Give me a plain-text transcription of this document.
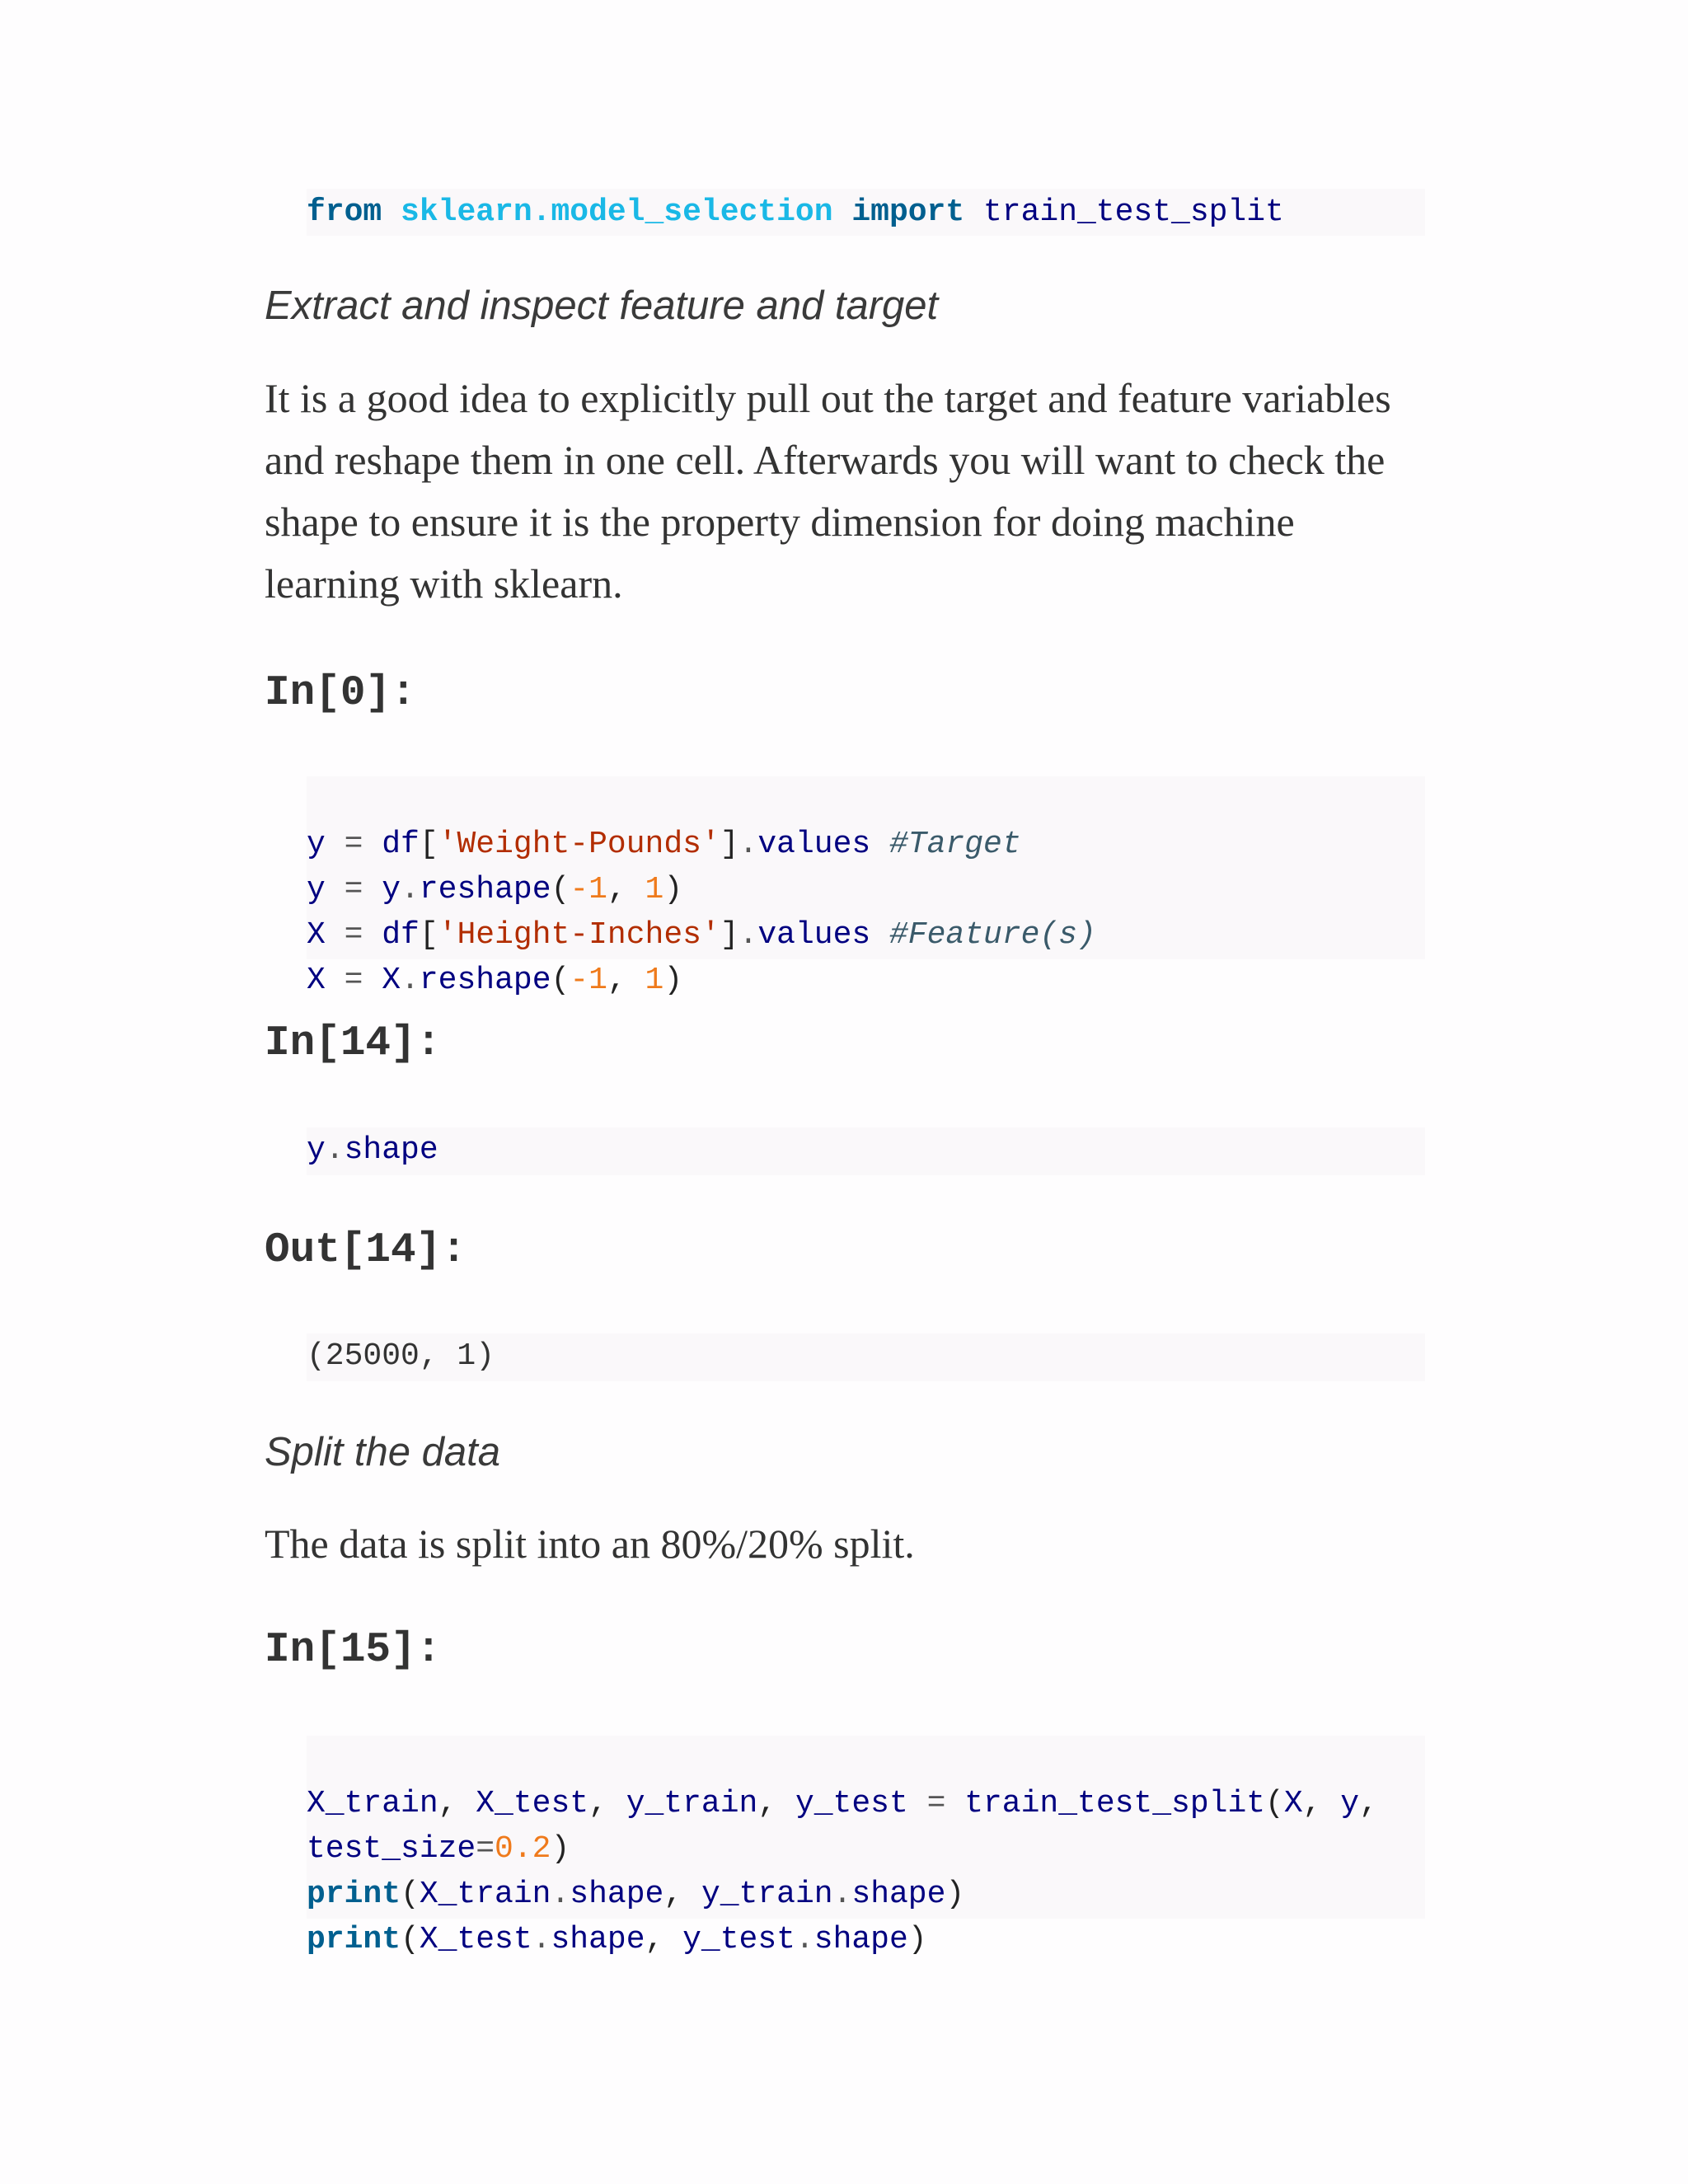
from sklearn.model_selection import train_test_split
Extract and inspect feature and target
It is a good idea to explicitly pull out the target and feature variables and reshape them in one cell. Afterwards you will want to check the shape to ensure it is the property dimension for doing machine learning with sklearn.
In[0]:

y = df['Weight-Pounds'].values #Target
y = y.reshape(-1, 1)
X = df['Height-Inches'].values #Feature(s)
X = X.reshape(-1, 1)
In[14]:
y.shape
Out[14]:
(25000, 1)
Split the data
The data is split into an 80%/20% split.
In[15]:

X_train, X_test, y_train, y_test = train_test_split(X, y,
test_size=0.2)
print(X_train.shape, y_train.shape)
print(X_test.shape, y_test.shape)
